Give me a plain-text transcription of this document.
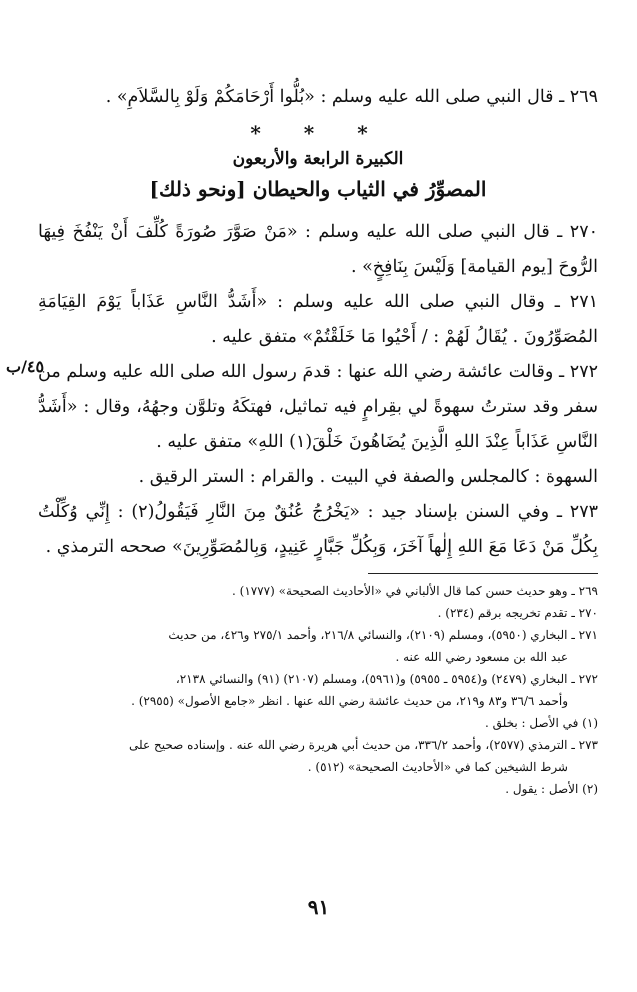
٢٦٩ ـ قال النبي صلى الله عليه وسلم : «بُلُّوا أَرْحَامَكُمْ وَلَوْ بِالسَّلاَمِ» .

* * *
الكبيرة الرابعة والأربعون
المصوِّرُ في الثياب والحيطان [ونحو ذلك]

٢٧٠ ـ قال النبي صلى الله عليه وسلم : «مَنْ صَوَّرَ صُورَةً كُلِّفَ أَنْ يَنْفُخَ فِيهَا الرُّوحَ [يوم القيامة] وَلَيْسَ بِنَافِخٍ» .

٢٧١ ـ وقال النبي صلى الله عليه وسلم : «أَشَدُّ النَّاسِ عَذَاباً يَوْمَ القِيَامَةِ المُصَوِّرُونَ . يُقَالُ لَهُمْ : / أَحْيُوا مَا خَلَقْتُمْ» متفق عليه .

٢٧٢ ـ وقالت عائشة رضي الله عنها : قدمَ رسول الله صلى الله عليه وسلم من سفر وقد سترتُ سهوةً لي بقِرامٍ فيه تماثيل، فهتكَهُ وتلوَّن وجهُهُ، وقال : «أَشَدُّ النَّاسِ عَذَاباً عِنْدَ اللهِ الَّذِينَ يُضَاهُونَ خَلْقَ(١) اللهِ» متفق عليه .

السهوة : كالمجلس والصفة في البيت . والقرام : الستر الرقيق .

٢٧٣ ـ وفي السنن بإسناد جيد : «يَخْرُجُ عُنُقٌ مِنَ النَّارِ فَيَقُولُ(٢) : إِنِّي وُكِّلْتُ بِكُلِّ مَنْ دَعَا مَعَ اللهِ إِلٰهاً آخَرَ، وَبِكُلِّ جَبَّارٍ عَنِيدٍ، وَبِالمُصَوِّرِينَ» صححه الترمذي .

٢٦٩ ـ وهو حديث حسن كما قال الألباني في «الأحاديث الصحيحة» (١٧٧٧) .

٢٧٠ ـ تقدم تخريجه برقم (٢٣٤) .

٢٧١ ـ البخاري (٥٩٥٠)، ومسلم (٢١٠٩)، والنسائي ٢١٦/٨، وأحمد ٢٧٥/١ و٤٢٦، من حديث

عبد الله بن مسعود رضي الله عنه .

٢٧٢ ـ البخاري (٢٤٧٩) و(٥٩٥٤ ـ ٥٩٥٥) و(٥٩٦١)، ومسلم (٢١٠٧) (٩١) والنسائي ٢١٣٨،

وأحمد ٣٦/٦ و٨٣ و٢١٩، من حديث عائشة رضي الله عنها . انظر «جامع الأصول» (٢٩٥٥) .

(١) في الأصل : بخلق .

٢٧٣ ـ الترمذي (٢٥٧٧)، وأحمد ٣٣٦/٢، من حديث أبي هريرة رضي الله عنه . وإسناده صحيح على

شرط الشيخين كما في «الأحاديث الصحيحة» (٥١٢) .

(٢) الأصل : يقول .

٤٥/ب
٩١
